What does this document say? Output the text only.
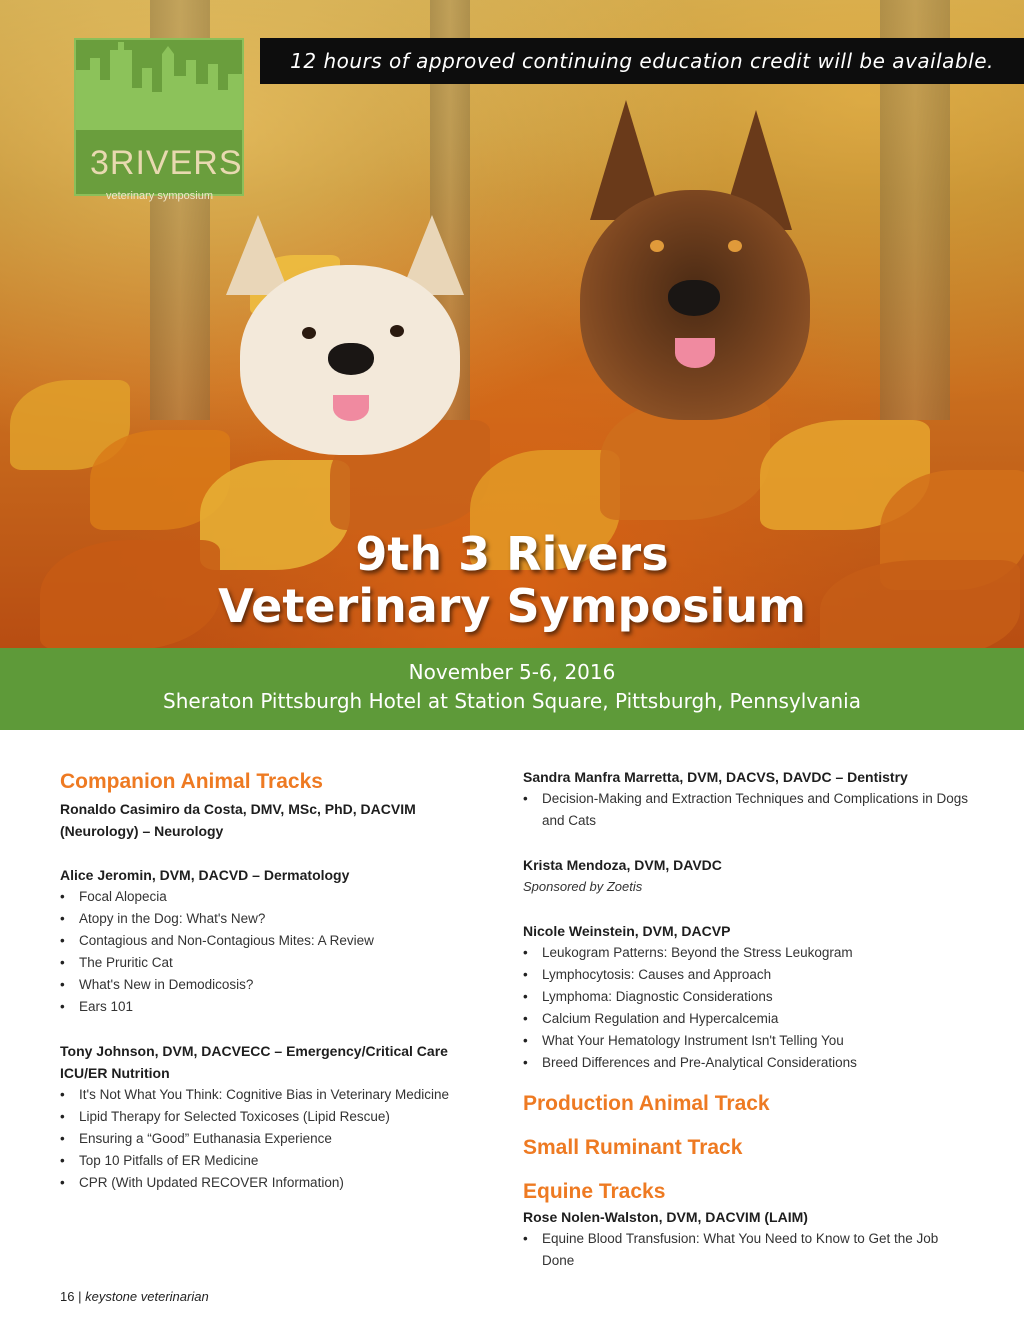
3RIVERS
veterinary symposium
12 hours of approved continuing education credit will be available.
9th 3 Rivers
Veterinary Symposium
November 5-6, 2016
Sheraton Pittsburgh Hotel at Station Square, Pittsburgh, Pennsylvania
Companion Animal Tracks
Ronaldo Casimiro da Costa, DMV, MSc, PhD, DACVIM (Neurology) – Neurology
Alice Jeromin, DVM, DACVD – Dermatology
• Focal Alopecia
• Atopy in the Dog: What's New?
• Contagious and Non-Contagious Mites: A Review
• The Pruritic Cat
• What's New in Demodicosis?
• Ears 101
Tony Johnson, DVM, DACVECC – Emergency/Critical Care ICU/ER Nutrition
• It's Not What You Think: Cognitive Bias in Veterinary Medicine
• Lipid Therapy for Selected Toxicoses (Lipid Rescue)
• Ensuring a “Good” Euthanasia Experience
• Top 10 Pitfalls of ER Medicine
• CPR (With Updated RECOVER Information)
Sandra Manfra Marretta, DVM, DACVS, DAVDC – Dentistry
• Decision-Making and Extraction Techniques and Complications in Dogs and Cats
Krista Mendoza, DVM, DAVDC
Sponsored by Zoetis
Nicole Weinstein, DVM, DACVP
• Leukogram Patterns: Beyond the Stress Leukogram
• Lymphocytosis: Causes and Approach
• Lymphoma: Diagnostic Considerations
• Calcium Regulation and Hypercalcemia
• What Your Hematology Instrument Isn't Telling You
• Breed Differences and Pre-Analytical Considerations
Production Animal Track
Small Ruminant Track
Equine Tracks
Rose Nolen-Walston, DVM, DACVIM (LAIM)
• Equine Blood Transfusion: What You Need to Know to Get the Job Done
16 | keystone veterinarian
